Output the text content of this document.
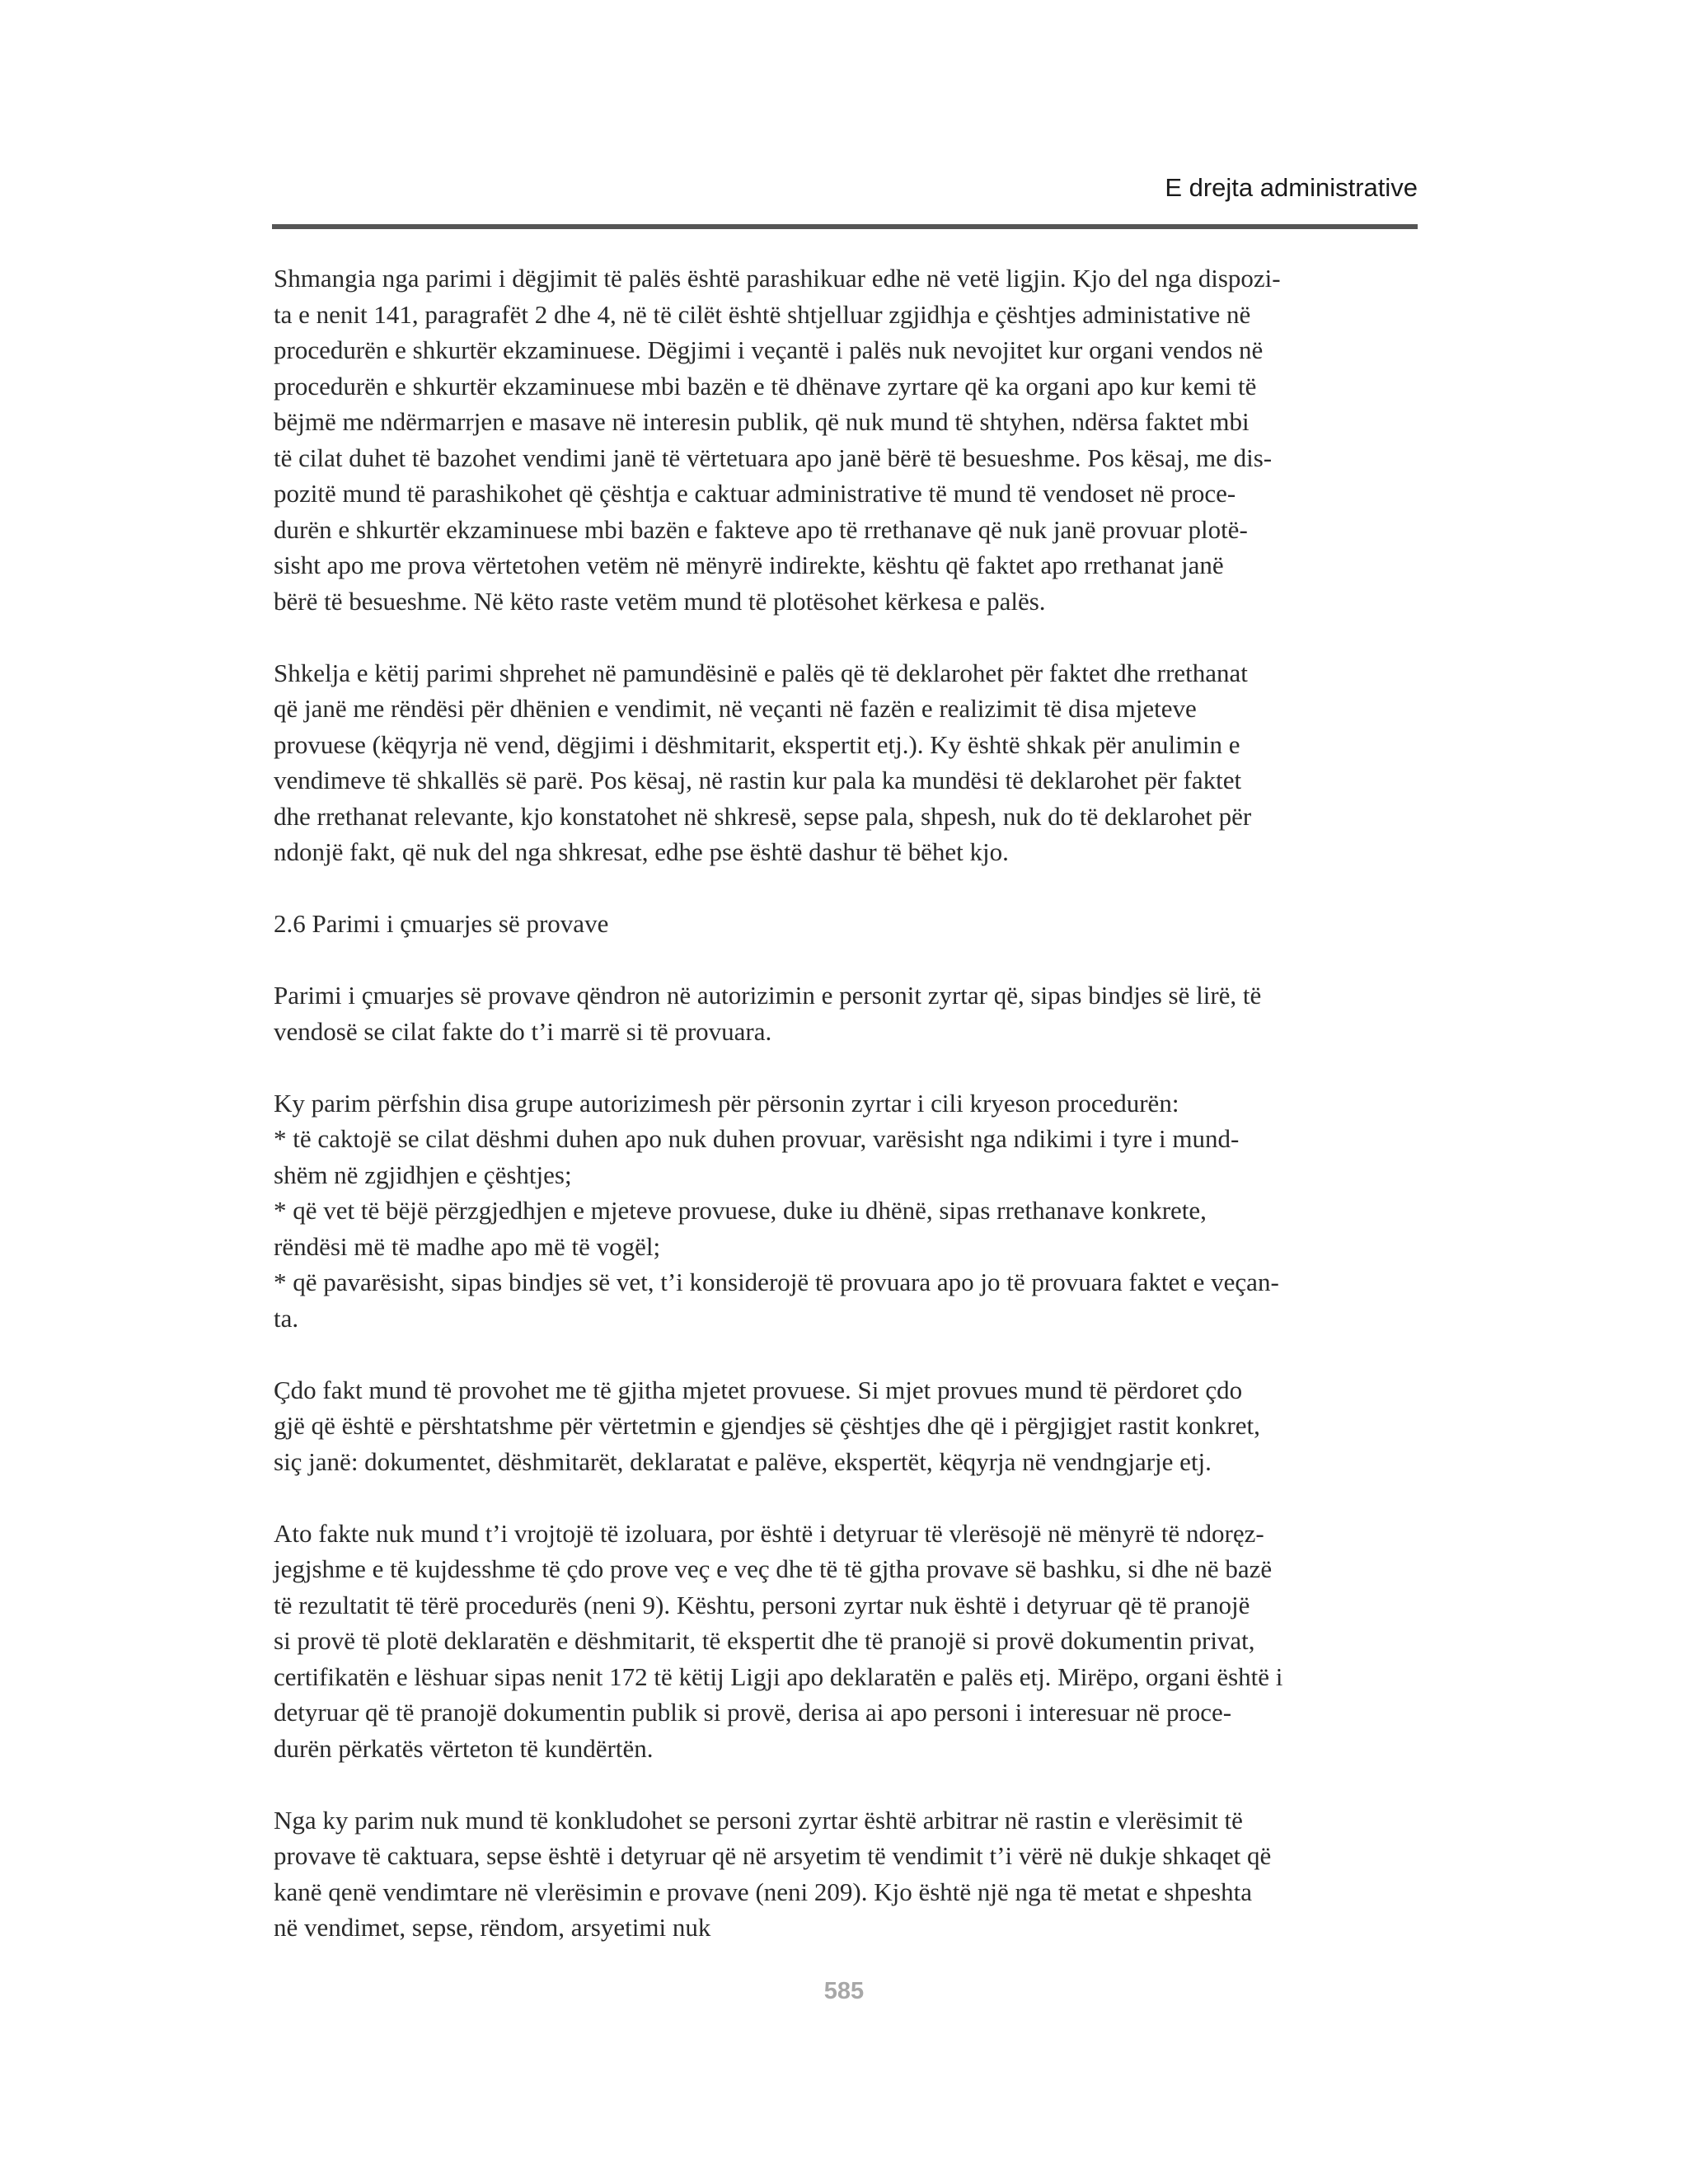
E drejta administrative
Shmangia nga parimi i dëgjimit të palës është parashikuar edhe në vetë ligjin. Kjo del nga dispozi-
ta e nenit 141, paragrafët 2 dhe 4, në të cilët është shtjelluar zgjidhja e çështjes administative në
procedurën e shkurtër ekzaminuese. Dëgjimi i veçantë i palës nuk nevojitet kur organi vendos në
procedurën e shkurtër ekzaminuese mbi bazën e të dhënave zyrtare që ka organi apo kur kemi të
bëjmë me ndërmarrjen e masave në interesin publik, që nuk mund të shtyhen, ndërsa faktet mbi
të cilat duhet të bazohet vendimi janë të vërtetuara apo janë bërë të besueshme. Pos kësaj, me dis-
pozitë mund të parashikohet që çështja e caktuar administrative të mund të vendoset në proce-
durën e shkurtër ekzaminuese mbi bazën e fakteve apo të rrethanave që nuk janë provuar plotë-
sisht apo me prova vërtetohen vetëm në mënyrë indirekte, kështu që faktet apo rrethanat janë
bërë të besueshme. Në këto raste vetëm mund të plotësohet kërkesa e palës.
Shkelja e këtij parimi shprehet në pamundësinë e palës që të deklarohet për faktet dhe rrethanat
që janë me rëndësi për dhënien e vendimit, në veçanti në fazën e realizimit të disa mjeteve
provuese (këqyrja në vend, dëgjimi i dëshmitarit, ekspertit etj.). Ky është shkak për anulimin e
vendimeve të shkallës së parë. Pos kësaj, në rastin kur pala ka mundësi të deklarohet për faktet
dhe rrethanat relevante, kjo konstatohet në shkresë, sepse pala, shpesh, nuk do të deklarohet për
ndonjë fakt, që nuk del nga shkresat, edhe pse është dashur të bëhet kjo.
2.6 Parimi i çmuarjes së provave
Parimi i çmuarjes së provave qëndron në autorizimin e personit zyrtar që, sipas bindjes së lirë, të
vendosë se cilat fakte do t’i marrë si të provuara.
Ky parim përfshin disa grupe autorizimesh për përsonin zyrtar i cili kryeson procedurën:
* të caktojë se cilat dëshmi duhen apo nuk duhen provuar, varësisht nga ndikimi i tyre i mund-
shëm në zgjidhjen e çështjes;
* që vet të bëjë përzgjedhjen e mjeteve provuese, duke iu dhënë, sipas rrethanave konkrete,
rëndësi më të madhe apo më të vogël;
* që pavarësisht, sipas bindjes së vet, t’i konsiderojë të provuara apo jo të provuara faktet e veçan-
ta.
Çdo fakt mund të provohet me të gjitha mjetet provuese. Si mjet provues mund të përdoret çdo
gjë që është e përshtatshme për vërtetmin e gjendjes së çështjes dhe që i përgjigjet rastit konkret,
siç janë: dokumentet, dëshmitarët, deklaratat e palëve, ekspertët, këqyrja në vendngjarje etj.
Ato fakte nuk mund t’i vrojtojë të izoluara, por është i detyruar të vlerësojë në mënyrë të ndoręz-
jegjshme e të kujdesshme të çdo prove veç e veç dhe të të gjtha provave së bashku, si dhe në bazë
të rezultatit të tërë procedurës (neni 9). Kështu, personi zyrtar nuk është i detyruar që të pranojë
si provë të plotë deklaratën e dëshmitarit, të ekspertit dhe të pranojë si provë dokumentin privat,
certifikatën e lëshuar sipas nenit 172 të këtij Ligji apo deklaratën e palës etj. Mirëpo, organi është i
detyruar që të pranojë dokumentin publik si provë, derisa ai apo personi i interesuar në proce-
durën përkatës vërteton të kundërtën.
Nga ky parim nuk mund të konkludohet se personi zyrtar është arbitrar në rastin e vlerësimit të
provave të caktuara, sepse është i detyruar që në arsyetim të vendimit t’i vërë në dukje shkaqet që
kanë qenë vendimtare në vlerësimin e provave (neni 209). Kjo është një nga të metat e shpeshta
në vendimet, sepse, rëndom, arsyetimi nuk
585
